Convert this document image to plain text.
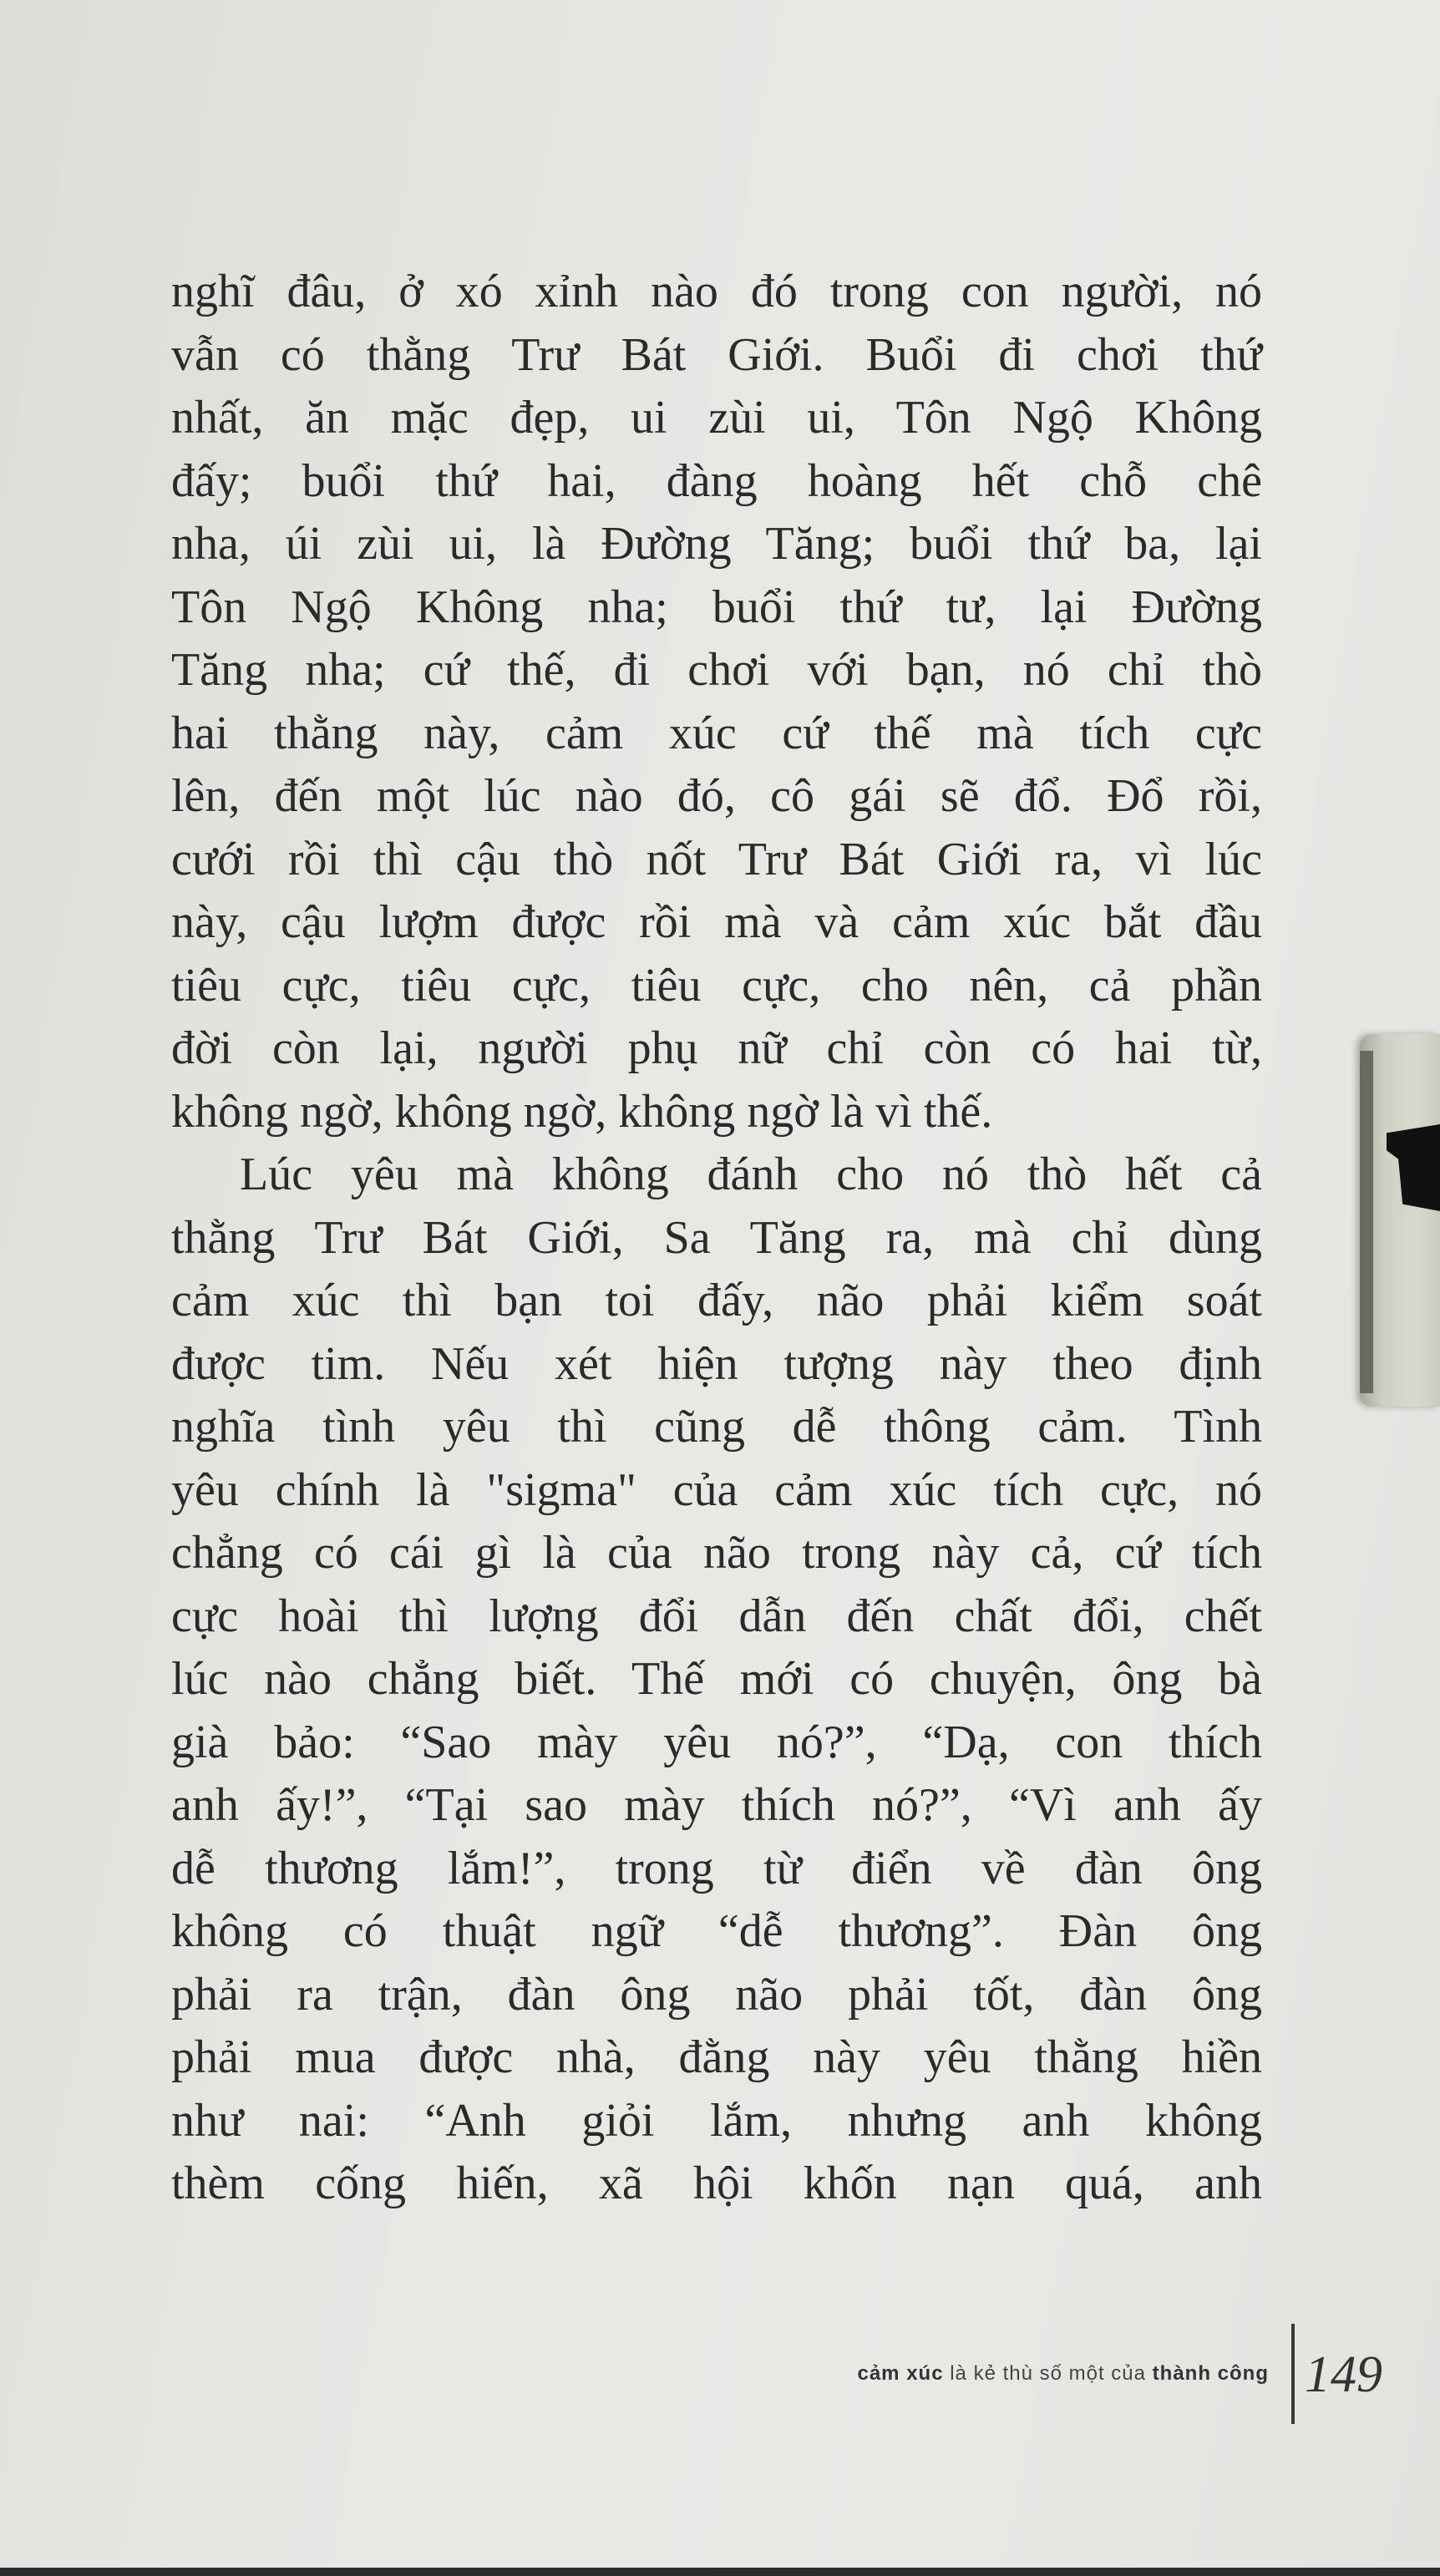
nghĩ đâu, ở xó xỉnh nào đó trong con người, nó
vẫn có thằng Trư Bát Giới. Buổi đi chơi thứ
nhất, ăn mặc đẹp, ui zùi ui, Tôn Ngộ Không
đấy; buổi thứ hai, đàng hoàng hết chỗ chê
nha, úi zùi ui, là Đường Tăng; buổi thứ ba, lại
Tôn Ngộ Không nha; buổi thứ tư, lại Đường
Tăng nha; cứ thế, đi chơi với bạn, nó chỉ thò
hai thằng này, cảm xúc cứ thế mà tích cực
lên, đến một lúc nào đó, cô gái sẽ đổ. Đổ rồi,
cưới rồi thì cậu thò nốt Trư Bát Giới ra, vì lúc
này, cậu lượm được rồi mà và cảm xúc bắt đầu
tiêu cực, tiêu cực, tiêu cực, cho nên, cả phần
đời còn lại, người phụ nữ chỉ còn có hai từ,
không ngờ, không ngờ, không ngờ là vì thế.
Lúc yêu mà không đánh cho nó thò hết cả
thằng Trư Bát Giới, Sa Tăng ra, mà chỉ dùng
cảm xúc thì bạn toi đấy, não phải kiểm soát
được tim. Nếu xét hiện tượng này theo định
nghĩa tình yêu thì cũng dễ thông cảm. Tình
yêu chính là "sigma" của cảm xúc tích cực, nó
chẳng có cái gì là của não trong này cả, cứ tích
cực hoài thì lượng đổi dẫn đến chất đổi, chết
lúc nào chẳng biết. Thế mới có chuyện, ông bà
già bảo: “Sao mày yêu nó?”, “Dạ, con thích
anh ấy!”, “Tại sao mày thích nó?”, “Vì anh ấy
dễ thương lắm!”, trong từ điển về đàn ông
không có thuật ngữ “dễ thương”. Đàn ông
phải ra trận, đàn ông não phải tốt, đàn ông
phải mua được nhà, đằng này yêu thằng hiền
như nai: “Anh giỏi lắm, nhưng anh không
thèm cống hiến, xã hội khốn nạn quá, anh
cảm xúc là kẻ thù số một của thành công 149
